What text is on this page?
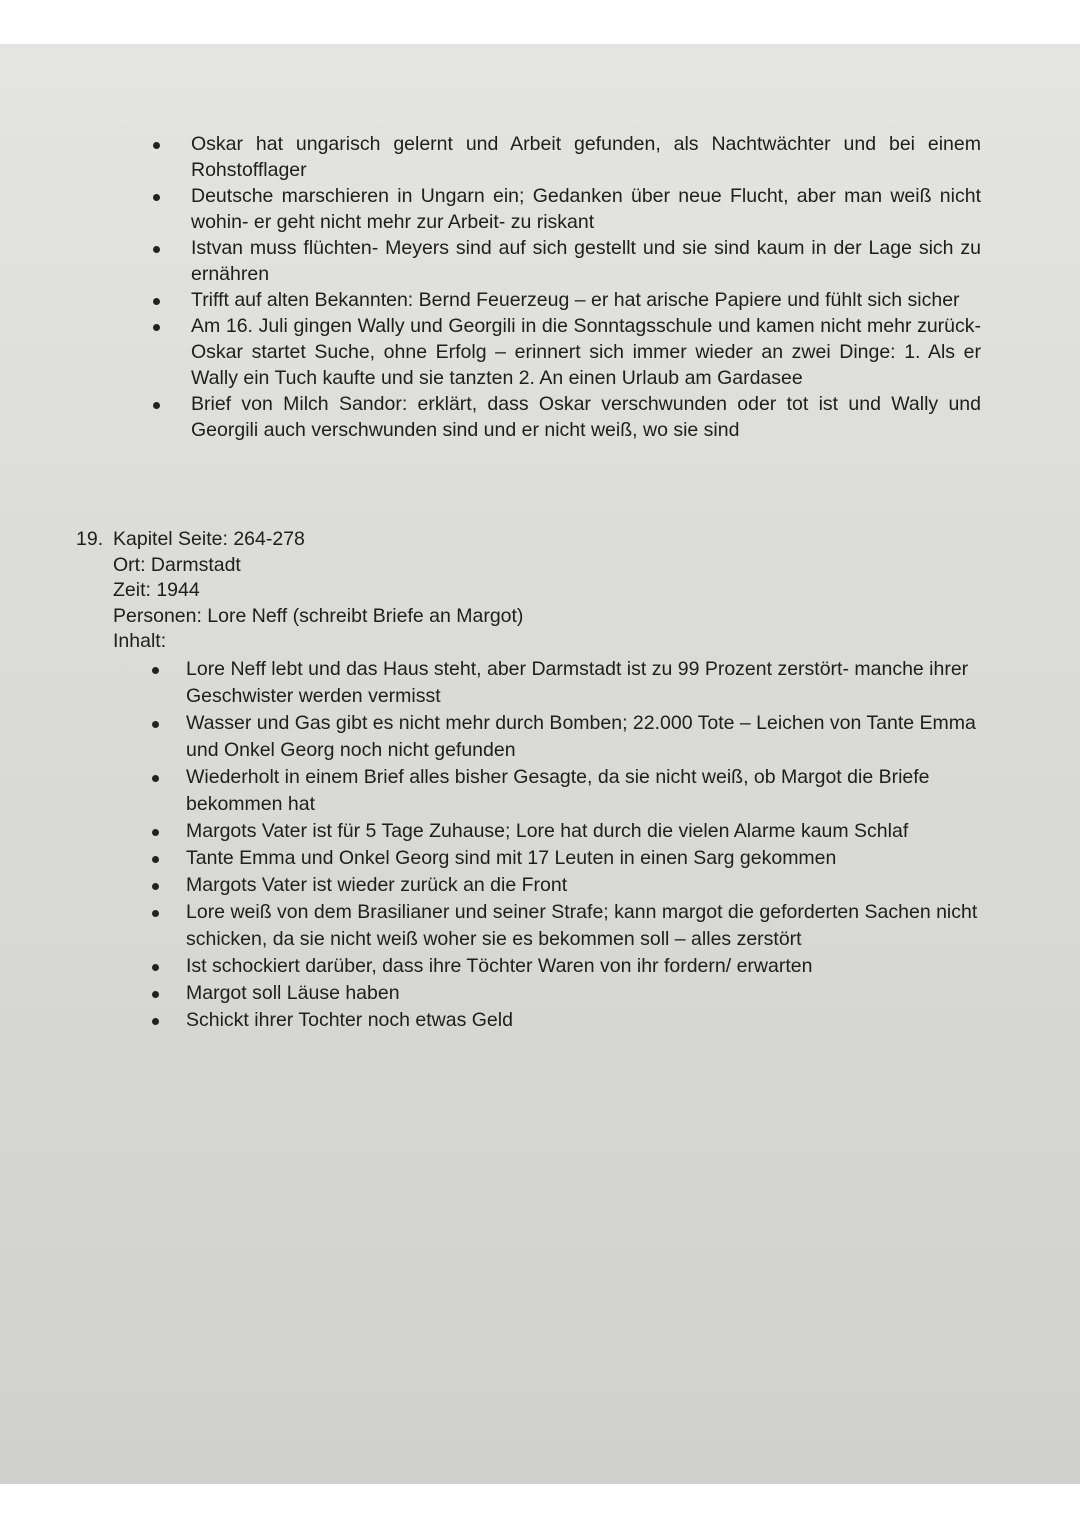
Oskar hat ungarisch gelernt und Arbeit gefunden, als Nachtwächter und bei einem Rohstofflager
Deutsche marschieren in Ungarn ein; Gedanken über neue Flucht, aber man weiß nicht wohin- er geht nicht mehr zur Arbeit- zu riskant
Istvan muss flüchten- Meyers sind auf sich gestellt und sie sind kaum in der Lage sich zu ernähren
Trifft auf alten Bekannten: Bernd Feuerzeug – er hat arische Papiere und fühlt sich sicher
Am 16. Juli gingen Wally und Georgili in die Sonntagsschule und kamen nicht mehr zurück- Oskar startet Suche, ohne Erfolg – erinnert sich immer wieder an zwei Dinge: 1. Als er Wally ein Tuch kaufte und sie tanzten 2. An einen Urlaub am Gardasee
Brief von Milch Sandor: erklärt, dass Oskar verschwunden oder tot ist und Wally und Georgili auch verschwunden sind und er nicht weiß, wo sie sind
19. Kapitel Seite: 264-278
Ort: Darmstadt
Zeit: 1944
Personen: Lore Neff (schreibt Briefe an Margot)
Inhalt:
Lore Neff lebt und das Haus steht, aber Darmstadt ist zu 99 Prozent zerstört- manche ihrer Geschwister werden vermisst
Wasser und Gas gibt es nicht mehr durch Bomben; 22.000 Tote – Leichen von Tante Emma und Onkel Georg noch nicht gefunden
Wiederholt in einem Brief alles bisher Gesagte, da sie nicht weiß, ob Margot die Briefe bekommen hat
Margots Vater ist für 5 Tage Zuhause; Lore hat durch die vielen Alarme kaum Schlaf
Tante Emma und Onkel Georg sind mit 17 Leuten in einen Sarg gekommen
Margots Vater ist wieder zurück an die Front
Lore weiß von dem Brasilianer und seiner Strafe; kann margot die geforderten Sachen nicht schicken, da sie nicht weiß woher sie es bekommen soll – alles zerstört
Ist schockiert darüber, dass ihre Töchter Waren von ihr fordern/ erwarten
Margot soll Läuse haben
Schickt ihrer Tochter noch etwas Geld
